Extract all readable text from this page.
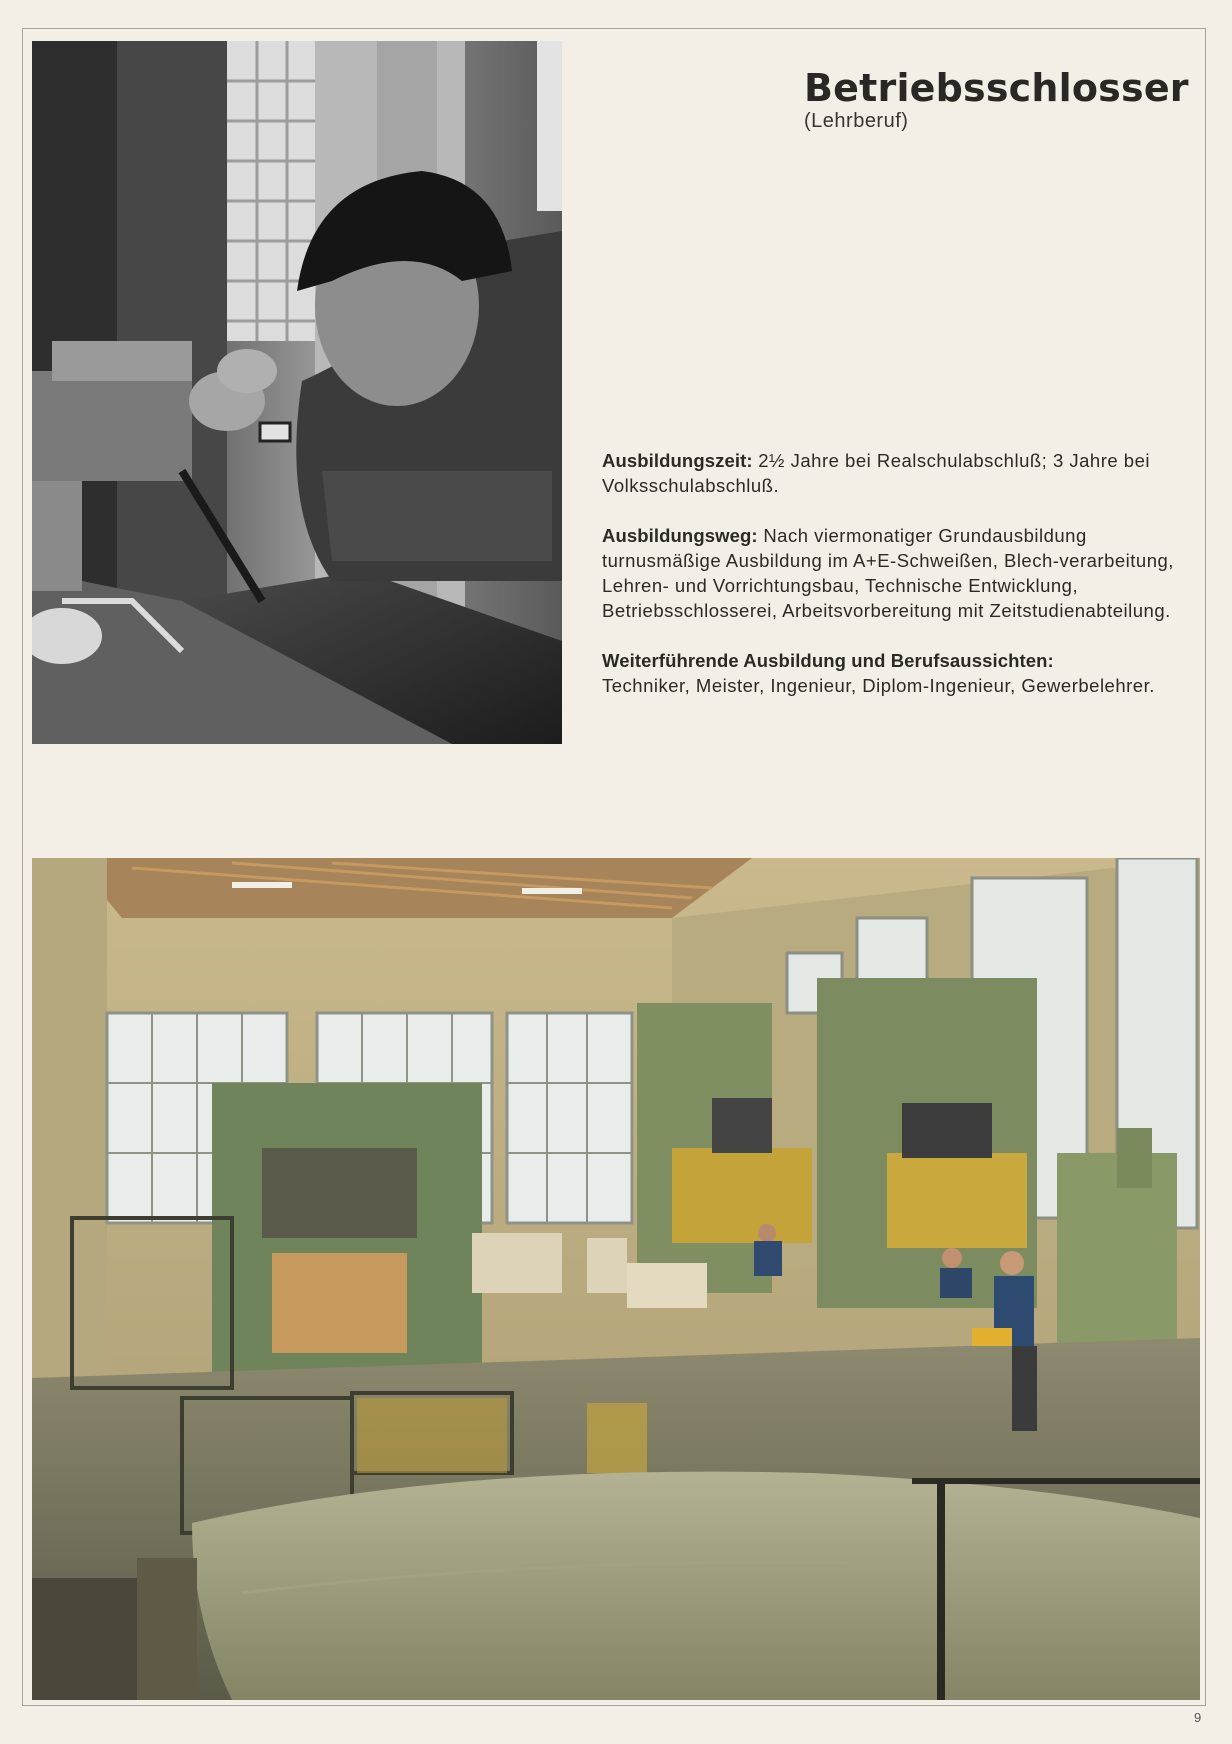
Betriebsschlosser
(Lehrberuf)

Ausbildungszeit: 2½ Jahre bei Realschulabschluß; 3 Jahre bei Volksschulabschluß.

Ausbildungsweg: Nach viermonatiger Grundausbildung turnusmäßige Ausbildung im A+E-Schweißen, Blech-verarbeitung, Lehren- und Vorrichtungsbau, Technische Entwicklung, Betriebsschlosserei, Arbeitsvorbereitung mit Zeitstudienabteilung.

Weiterführende Ausbildung und Berufsaussichten:
Techniker, Meister, Ingenieur, Diplom-Ingenieur, Gewerbelehrer.

9
